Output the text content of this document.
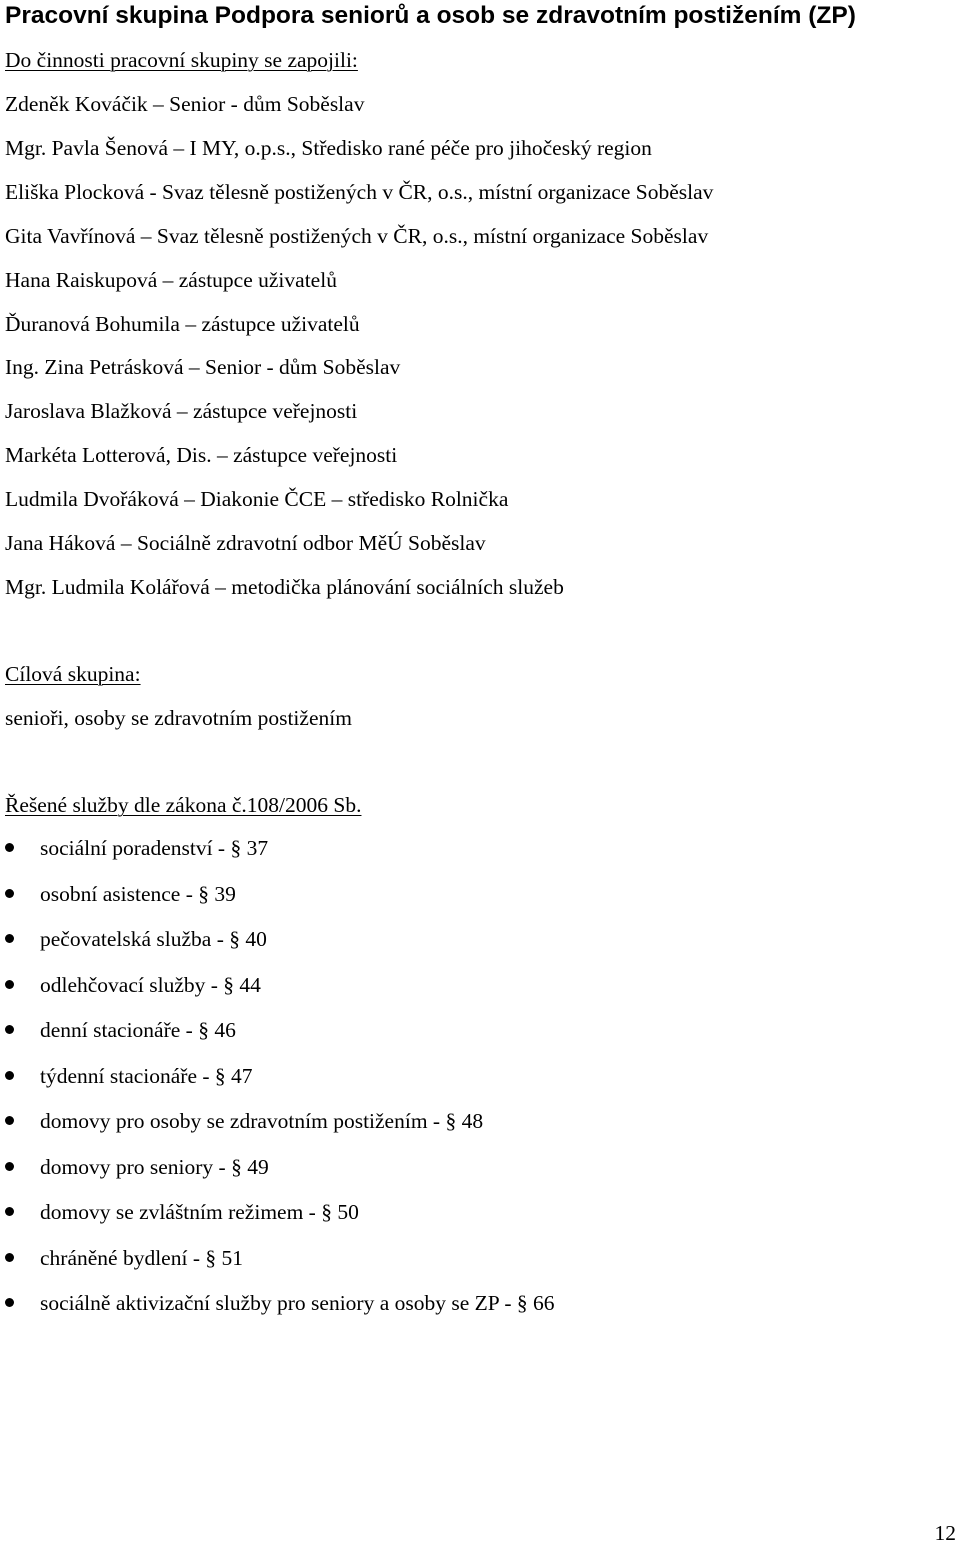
Pracovní skupina Podpora seniorů a osob se zdravotním postižením (ZP)
Do činnosti pracovní skupiny se zapojili:
Zdeněk Kováčik – Senior - dům Soběslav
Mgr. Pavla Šenová – I MY, o.p.s., Středisko rané péče pro jihočeský region
Eliška Plocková - Svaz tělesně postižených v ČR, o.s., místní organizace Soběslav
Gita Vavřínová – Svaz tělesně postižených v ČR, o.s., místní organizace Soběslav
Hana Raiskupová – zástupce uživatelů
Ďuranová Bohumila – zástupce uživatelů
Ing. Zina Petrásková – Senior - dům Soběslav
Jaroslava Blažková – zástupce veřejnosti
Markéta Lotterová, Dis. – zástupce veřejnosti
Ludmila Dvořáková – Diakonie ČCE – středisko Rolnička
Jana Háková – Sociálně zdravotní odbor MěÚ Soběslav
Mgr. Ludmila Kolářová – metodička plánování sociálních služeb
Cílová skupina:
senioři, osoby se zdravotním postižením
Řešené služby dle zákona č.108/2006 Sb.
sociální poradenství - § 37
osobní asistence - § 39
pečovatelská služba - § 40
odlehčovací služby - § 44
denní stacionáře - § 46
týdenní stacionáře - § 47
domovy pro osoby se zdravotním postižením - § 48
domovy pro seniory - § 49
domovy se zvláštním režimem - § 50
chráněné bydlení - § 51
sociálně aktivizační služby pro seniory a osoby se ZP - § 66
12
